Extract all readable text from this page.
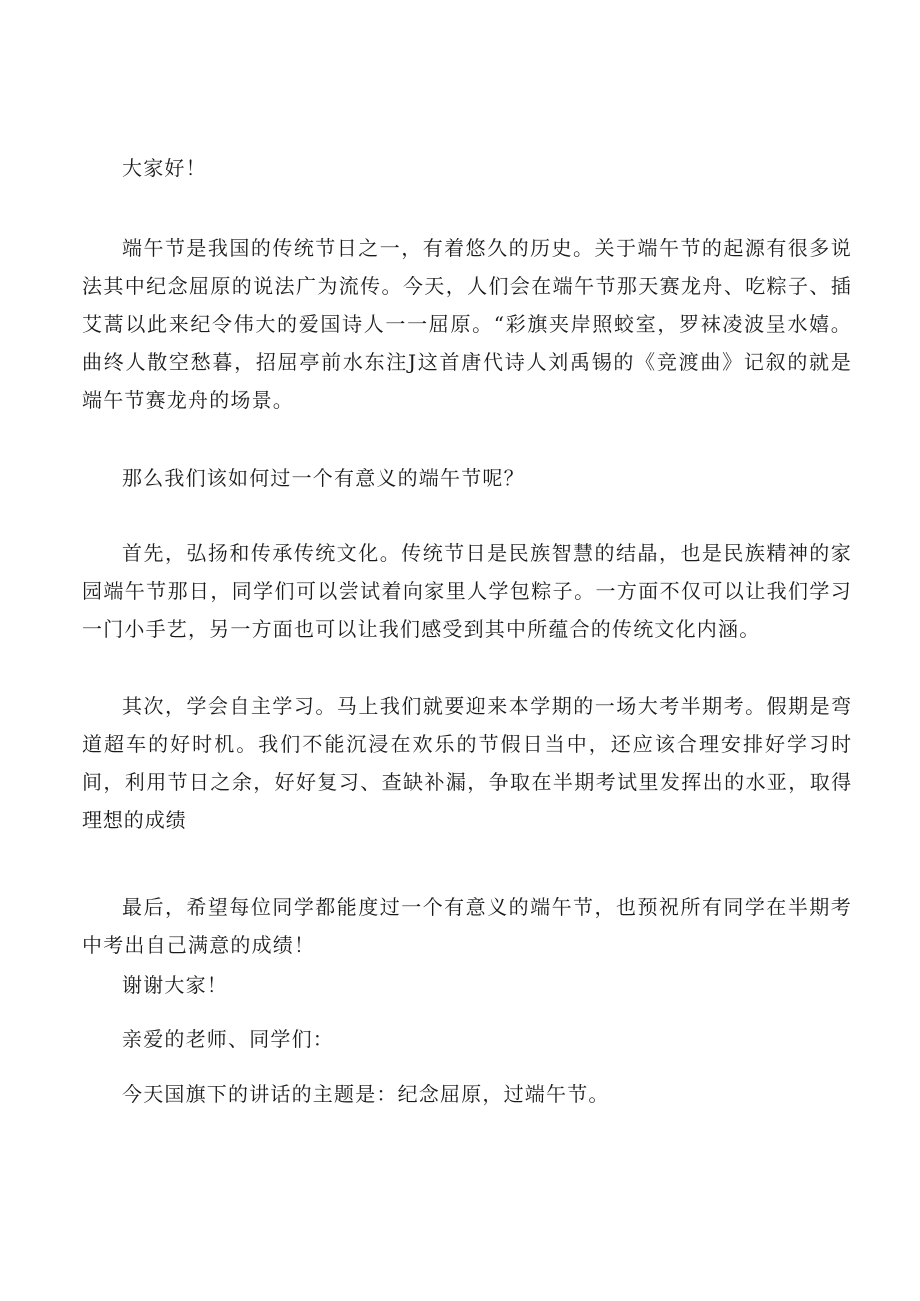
大家好！

端午节是我国的传统节日之一，有着悠久的历史。关于端午节的起源有很多说法其中纪念屈原的说法广为流传。今天，人们会在端午节那天赛龙舟、吃粽子、插艾蒿以此来纪令伟大的爱国诗人一一屈原。“彩旗夹岸照蛟室，罗袜凌波呈水嬉。曲终人散空愁暮，招屈亭前水东注J这首唐代诗人刘禹锡的《竞渡曲》记叙的就是端午节赛龙舟的场景。

那么我们该如何过一个有意义的端午节呢？

首先，弘扬和传承传统文化。传统节日是民族智慧的结晶，也是民族精神的家园端午节那日，同学们可以尝试着向家里人学包粽子。一方面不仅可以让我们学习一门小手艺，另一方面也可以让我们感受到其中所蕴合的传统文化内涵。

其次，学会自主学习。马上我们就要迎来本学期的一场大考半期考。假期是弯道超车的好时机。我们不能沉浸在欢乐的节假日当中，还应该合理安排好学习时间，利用节日之余，好好复习、查缺补漏，争取在半期考试里发挥出的水亚，取得理想的成绩

最后，希望每位同学都能度过一个有意义的端午节，也预祝所有同学在半期考中考出自己满意的成绩！

谢谢大家！

亲爱的老师、同学们：

今天国旗下的讲话的主题是：纪念屈原，过端午节。
